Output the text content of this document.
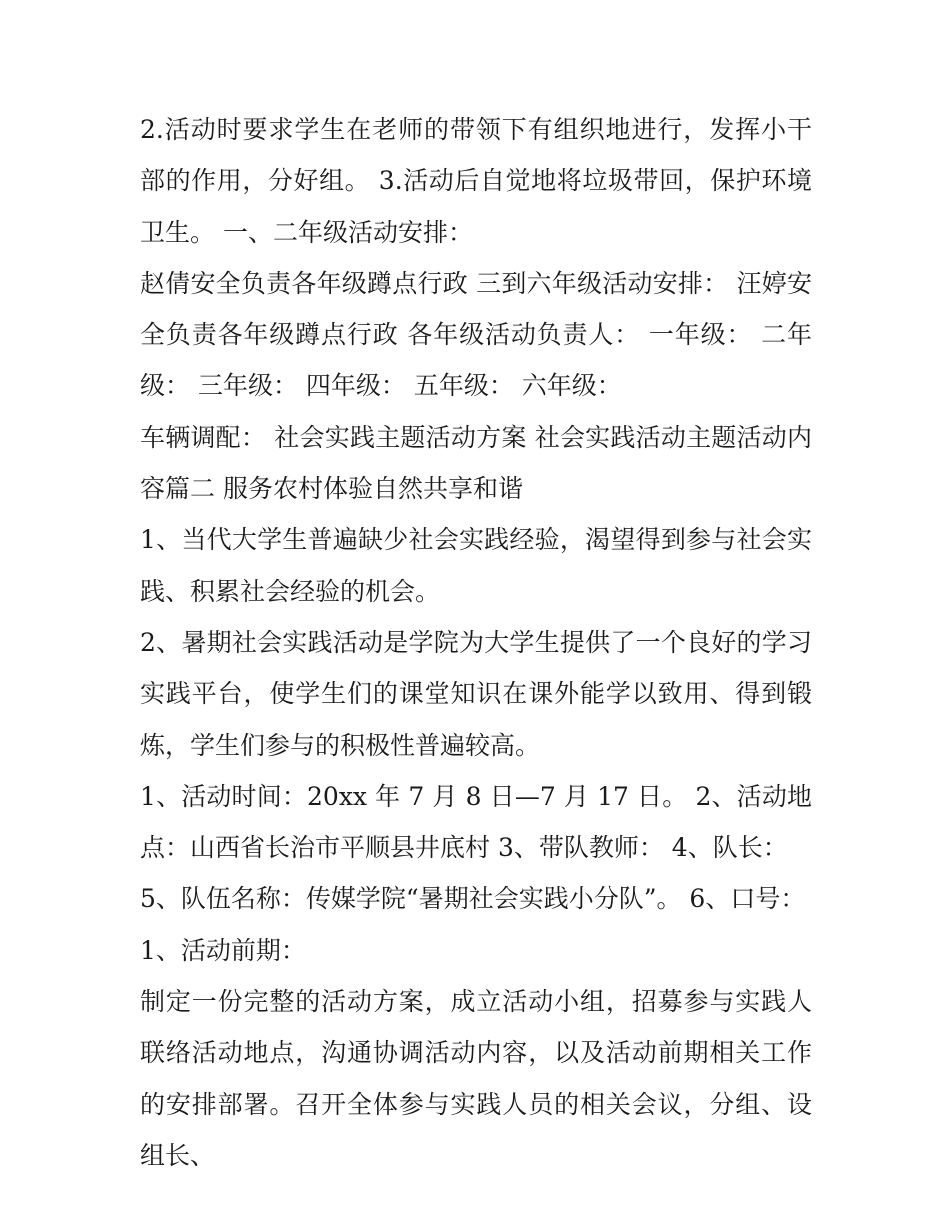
2.活动时要求学生在老师的带领下有组织地进行，发挥小干部的作用，分好组。 3.活动后自觉地将垃圾带回，保护环境卫生。 一、二年级活动安排：

赵倩安全负责各年级蹲点行政 三到六年级活动安排： 汪婷安全负责各年级蹲点行政 各年级活动负责人： 一年级： 二年级： 三年级： 四年级： 五年级： 六年级：

车辆调配： 社会实践主题活动方案 社会实践活动主题活动内容篇二 服务农村体验自然共享和谐

1、当代大学生普遍缺少社会实践经验，渴望得到参与社会实践、积累社会经验的机会。

2、暑期社会实践活动是学院为大学生提供了一个良好的学习实践平台，使学生们的课堂知识在课外能学以致用、得到锻炼，学生们参与的积极性普遍较高。

1、活动时间：20xx 年 7 月 8 日—7 月 17 日。 2、活动地点：山西省长治市平顺县井底村 3、带队教师： 4、队长：

5、队伍名称：传媒学院“暑期社会实践小分队”。 6、口号：

1、活动前期：

制定一份完整的活动方案，成立活动小组，招募参与实践人联络活动地点，沟通协调活动内容，以及活动前期相关工作的安排部署。召开全体参与实践人员的相关会议，分组、设组长、
